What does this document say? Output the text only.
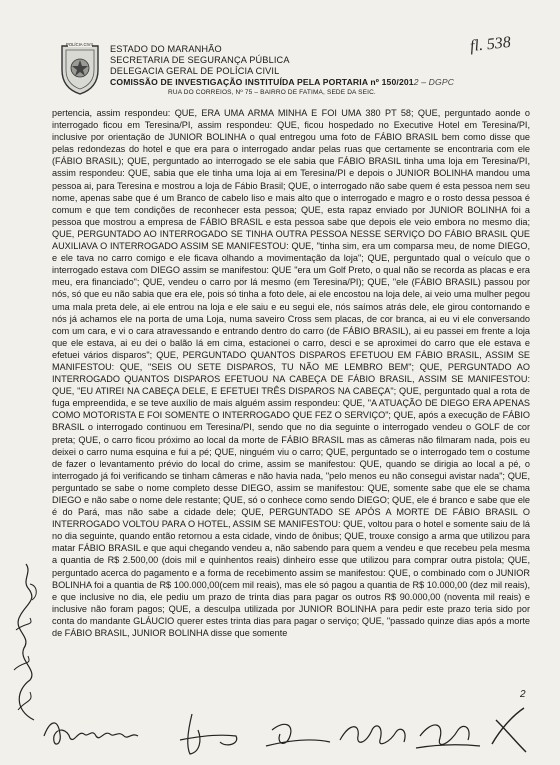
POLÍCIA CIVIL ESTADO DO MARANHÃO
SECRETARIA DE SEGURANÇA PÚBLICA
DELEGACIA GERAL DE POLÍCIA CIVIL
COMISSÃO DE INVESTIGAÇÃO INSTITUÍDA PELA PORTARIA nº 150/2012 – DGPC
RUA DO CORREIOS, Nº 75 – BAIRRO DE FATIMA, SEDE DA SEIC.
fl. 538
pertencia, assim respondeu: QUE, ERA UMA ARMA MINHA E FOI UMA 380 PT 58; QUE, perguntado aonde o interrogado ficou em Teresina/PI, assim respondeu: QUE, ficou hospedado no Executive Hotel em Teresina/PI, inclusive por orientação de JUNIOR BOLINHA o qual entregou uma foto de FÁBIO BRASIL bem como disse que pelas redondezas do hotel e que era para o interrogado andar pelas ruas que certamente se encontraria com ele (FÁBIO BRASIL); QUE, perguntado ao interrogado se ele sabia que FÁBIO BRASIL tinha uma loja em Teresina/PI, assim respondeu: QUE, sabia que ele tinha uma loja ai em Teresina/PI e depois o JUNIOR BOLINHA mandou uma pessoa ai, para Teresina e mostrou a loja de Fábio Brasil; QUE, o interrogado não sabe quem é esta pessoa nem seu nome, apenas sabe que é um Branco de cabelo liso e mais alto que o interrogado e magro e o rosto dessa pessoa é comum e que tem condições de reconhecer esta pessoa; QUE, esta rapaz enviado por JUNIOR BOLINHA foi a pessoa que mostrou a empresa de FÁBIO BRASIL e esta pessoa sabe que depois ele veio embora no mesmo dia; QUE, PERGUNTADO AO INTERROGADO SE TINHA OUTRA PESSOA NESSE SERVIÇO DO FÁBIO BRASIL QUE AUXILIAVA O INTERROGADO ASSIM SE MANIFESTOU: QUE, "tinha sim, era um comparsa meu, de nome DIEGO, e ele tava no carro comigo e ele ficava olhando a movimentação da loja"; QUE, perguntado qual o veículo que o interrogado estava com DIEGO assim se manifestou: QUE "era um Golf Preto, o qual não se recorda as placas e era meu, era financiado"; QUE, vendeu o carro por lá mesmo (em Teresina/PI); QUE, "ele (FÁBIO BRASIL) passou por nós, só que eu não sabia que era ele, pois só tinha a foto dele, ai ele encostou na loja dele, ai veio uma mulher pegou uma mala preta dele, ai ele entrou na loja e ele saiu e eu segui ele, nós saímos atrás dele, ele girou contornando e nós já achamos ele na porta de uma Loja, numa saveiro Cross sem placas, de cor branca, ai eu vi ele conversando com um cara, e vi o cara atravessando e entrando dentro do carro (de FÁBIO BRASIL), ai eu passei em frente a loja que ele estava, ai eu dei o balão lá em cima, estacionei o carro, desci e se aproximei do carro que ele estava e efetuei vários disparos"; QUE, PERGUNTADO QUANTOS DISPAROS EFETUOU EM FÁBIO BRASIL, ASSIM SE MANIFESTOU: QUE, "SEIS OU SETE DISPAROS, TU NÃO ME LEMBRO BEM"; QUE, PERGUNTADO AO INTERROGADO QUANTOS DISPAROS EFETUOU NA CABEÇA DE FÁBIO BRASIL, ASSIM SE MANIFESTOU: QUE, "EU ATIREI NA CABEÇA DELE, E EFETUEI TRÊS DISPAROS NA CABEÇA"; QUE, perguntado qual a rota de fuga empreendida, e se teve auxílio de mais alguém assim respondeu: QUE, "A ATUAÇÃO DE DIEGO ERA APENAS COMO MOTORISTA E FOI SOMENTE O INTERROGADO QUE FEZ O SERVIÇO"; QUE, após a execução de FÁBIO BRASIL o interrogado continuou em Teresina/PI, sendo que no dia seguinte o interrogado vendeu o GOLF de cor preta; QUE, o carro ficou próximo ao local da morte de FÁBIO BRASIL mas as câmeras não filmaram nada, pois eu deixei o carro numa esquina e fui a pé; QUE, ninguém viu o carro; QUE, perguntado se o interrogado tem o costume de fazer o levantamento prévio do local do crime, assim se manifestou: QUE, quando se dirigia ao local a pé, o interrogado já foi verificando se tinham câmeras e não havia nada, "pelo menos eu não consegui avistar nada"; QUE, perguntado se sabe o nome completo desse DIEGO, assim se manifestou: QUE, somente sabe que ele se chama DIEGO e não sabe o nome dele restante; QUE, só o conhece como sendo DIEGO; QUE, ele é branco e sabe que ele é do Pará, mas não sabe a cidade dele; QUE, PERGUNTADO SE APÓS A MORTE DE FÁBIO BRASIL O INTERROGADO VOLTOU PARA O HOTEL, ASSIM SE MANIFESTOU: QUE, voltou para o hotel e somente saiu de lá no dia seguinte, quando então retornou a esta cidade, vindo de ônibus; QUE, trouxe consigo a arma que utilizou para matar FÁBIO BRASIL e que aqui chegando vendeu a, não sabendo para quem a vendeu e que recebeu pela mesma a quantia de R$ 2.500,00 (dois mil e quinhentos reais) dinheiro esse que utilizou para comprar outra pistola; QUE, perguntado acerca do pagamento e a forma de recebimento assim se manifestou: QUE, o combinado com o JUNIOR BOLINHA foi a quantia de R$ 100.000,00(cem mil reais), mas ele só pagou a quantia de R$ 10.000,00 (dez mil reais), e que inclusive no dia, ele pediu um prazo de trinta dias para pagar os outros R$ 90.000,00 (noventa mil reais) e inclusive não foram pagos; QUE, a desculpa utilizada por JUNIOR BOLINHA para pedir este prazo teria sido por conta do mandante GLÁUCIO querer estes trinta dias para pagar o serviço; QUE, "passado quinze dias após a morte de FÁBIO BRASIL, JUNIOR BOLINHA disse que somente
2
